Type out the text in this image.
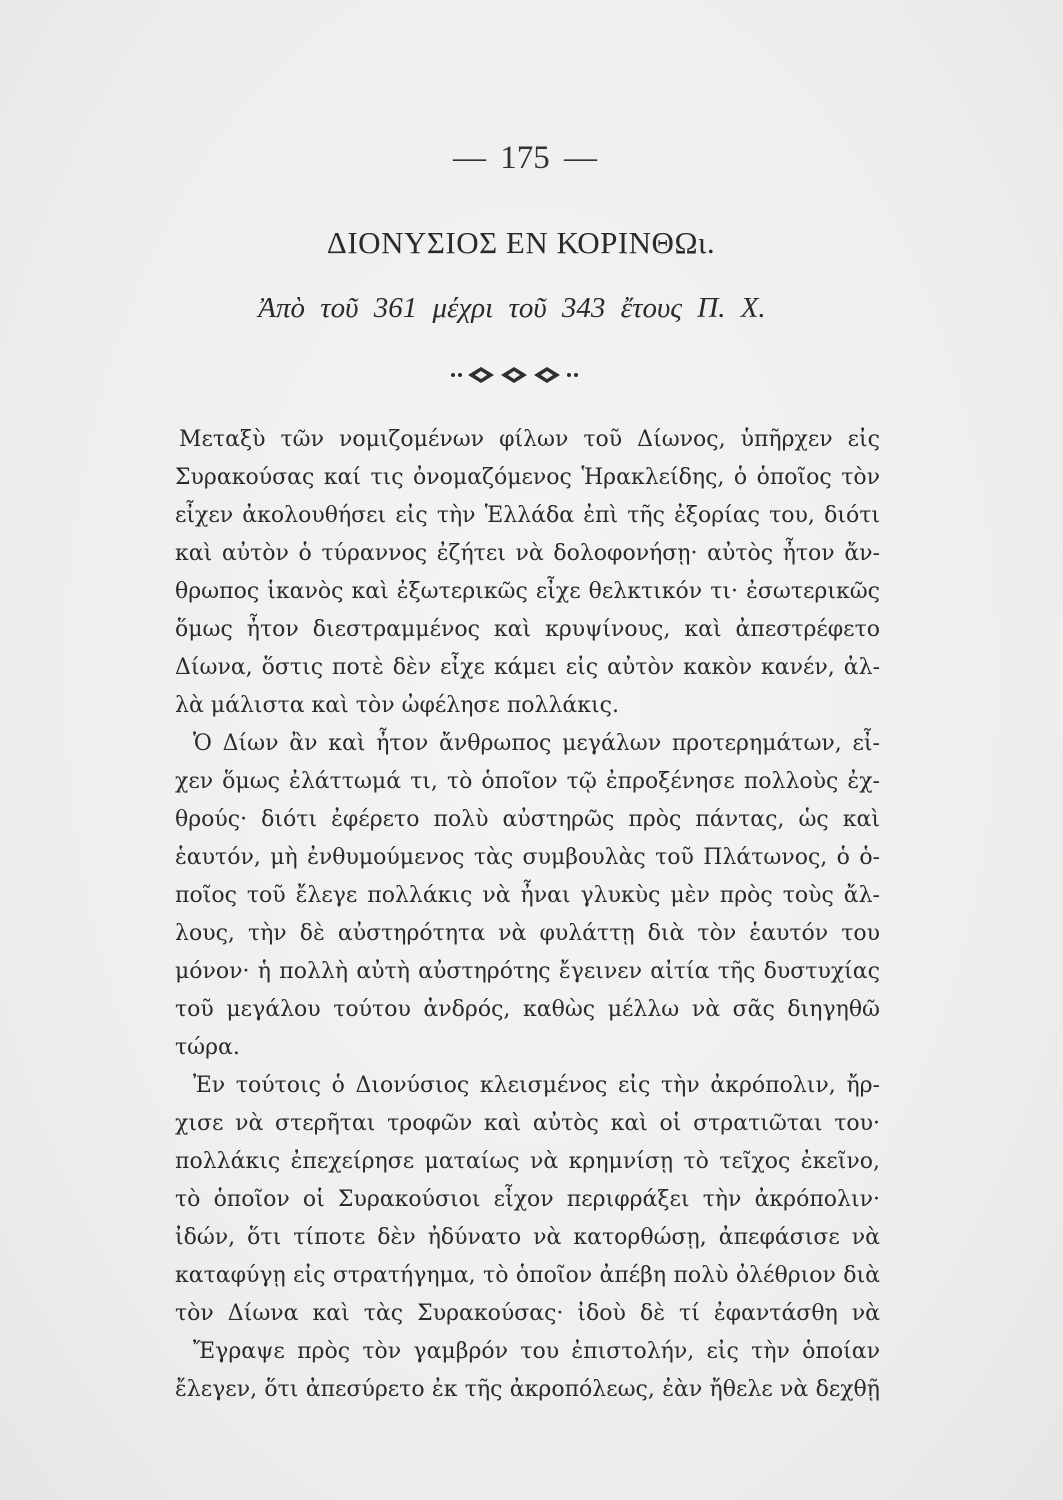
— 175 —
ΔΙΟΝΥΣΙΟΣ ΕΝ ΚΟΡΙΝΘΩι.
Ἀπὸ τοῦ 361 μέχρι τοῦ 343 ἔτους Π. Χ.
Μεταξὺ τῶν νομιζομένων φίλων τοῦ Δίωνος, ὑπῆρχεν εἰς
Συρακούσας καί τις ὀνομαζόμενος Ἡρακλείδης, ὁ ὁποῖος τὸν
εἶχεν ἀκολουθήσει εἰς τὴν Ἑλλάδα ἐπὶ τῆς ἐξορίας του, διότι
καὶ αὐτὸν ὁ τύραννος ἐζήτει νὰ δολοφονήσῃ· αὐτὸς ἦτον ἄν-
θρωπος ἱκανὸς καὶ ἐξωτερικῶς εἶχε θελκτικόν τι· ἐσωτερικῶς
ὅμως ἦτον διεστραμμένος καὶ κρυψίνους, καὶ ἀπεστρέφετο
Δίωνα, ὅστις ποτὲ δὲν εἶχε κάμει εἰς αὐτὸν κακὸν κανέν, ἀλ-
λὰ μάλιστα καὶ τὸν ὠφέλησε πολλάκις.
Ὁ Δίων ἂν καὶ ἦτον ἄνθρωπος μεγάλων προτερημάτων, εἶ-
χεν ὅμως ἐλάττωμά τι, τὸ ὁποῖον τῷ ἐπροξένησε πολλοὺς ἐχ-
θρούς· διότι ἐφέρετο πολὺ αὐστηρῶς πρὸς πάντας, ὡς καὶ
ἑαυτόν, μὴ ἐνθυμούμενος τὰς συμβουλὰς τοῦ Πλάτωνος, ὁ ὁ-
ποῖος τοῦ ἔλεγε πολλάκις νὰ ἦναι γλυκὺς μὲν πρὸς τοὺς ἄλ-
λους, τὴν δὲ αὐστηρότητα νὰ φυλάττῃ διὰ τὸν ἑαυτόν του
μόνον· ἡ πολλὴ αὐτὴ αὐστηρότης ἔγεινεν αἰτία τῆς δυστυχίας
τοῦ μεγάλου τούτου ἀνδρός, καθὼς μέλλω νὰ σᾶς διηγηθῶ
τώρα.
Ἐν τούτοις ὁ Διονύσιος κλεισμένος εἰς τὴν ἀκρόπολιν, ἤρ-
χισε νὰ στερῆται τροφῶν καὶ αὐτὸς καὶ οἱ στρατιῶται του·
πολλάκις ἐπεχείρησε ματαίως νὰ κρημνίσῃ τὸ τεῖχος ἐκεῖνο,
τὸ ὁποῖον οἱ Συρακούσιοι εἶχον περιφράξει τὴν ἀκρόπολιν·
ἰδών, ὅτι τίποτε δὲν ἠδύνατο νὰ κατορθώσῃ, ἀπεφάσισε νὰ
καταφύγῃ εἰς στρατήγημα, τὸ ὁποῖον ἀπέβη πολὺ ὀλέθριον διὰ
τὸν Δίωνα καὶ τὰς Συρακούσας· ἰδοὺ δὲ τί ἐφαντάσθη νὰ
Ἔγραψε πρὸς τὸν γαμβρόν του ἐπιστολήν, εἰς τὴν ὁποίαν
ἔλεγεν, ὅτι ἀπεσύρετο ἐκ τῆς ἀκροπόλεως, ἐὰν ἤθελε νὰ δεχθῇ
